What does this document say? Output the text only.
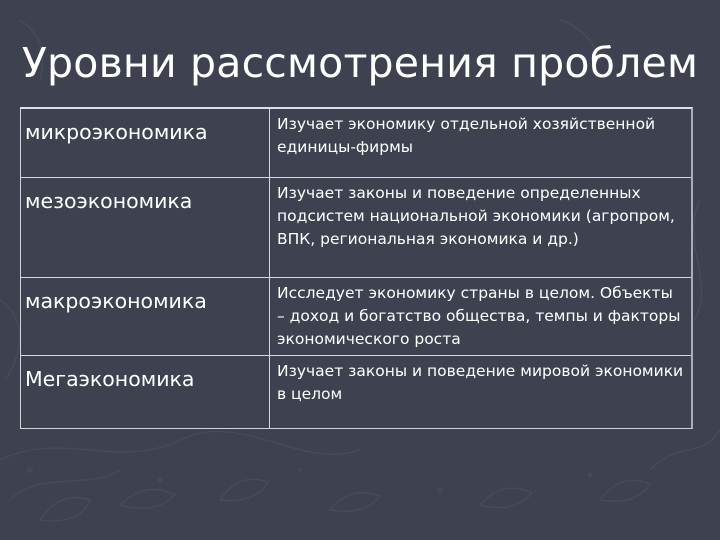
Уровни рассмотрения проблем
микроэкономика	Изучает экономику отдельной хозяйственной единицы-фирмы
мезоэкономика	Изучает законы и поведение определенных подсистем национальной экономики (агропром, ВПК, региональная экономика и др.)
макроэкономика	Исследует экономику страны в целом. Объекты – доход и богатство общества, темпы и факторы экономического роста
Мегаэкономика	Изучает законы и поведение мировой экономики в целом
